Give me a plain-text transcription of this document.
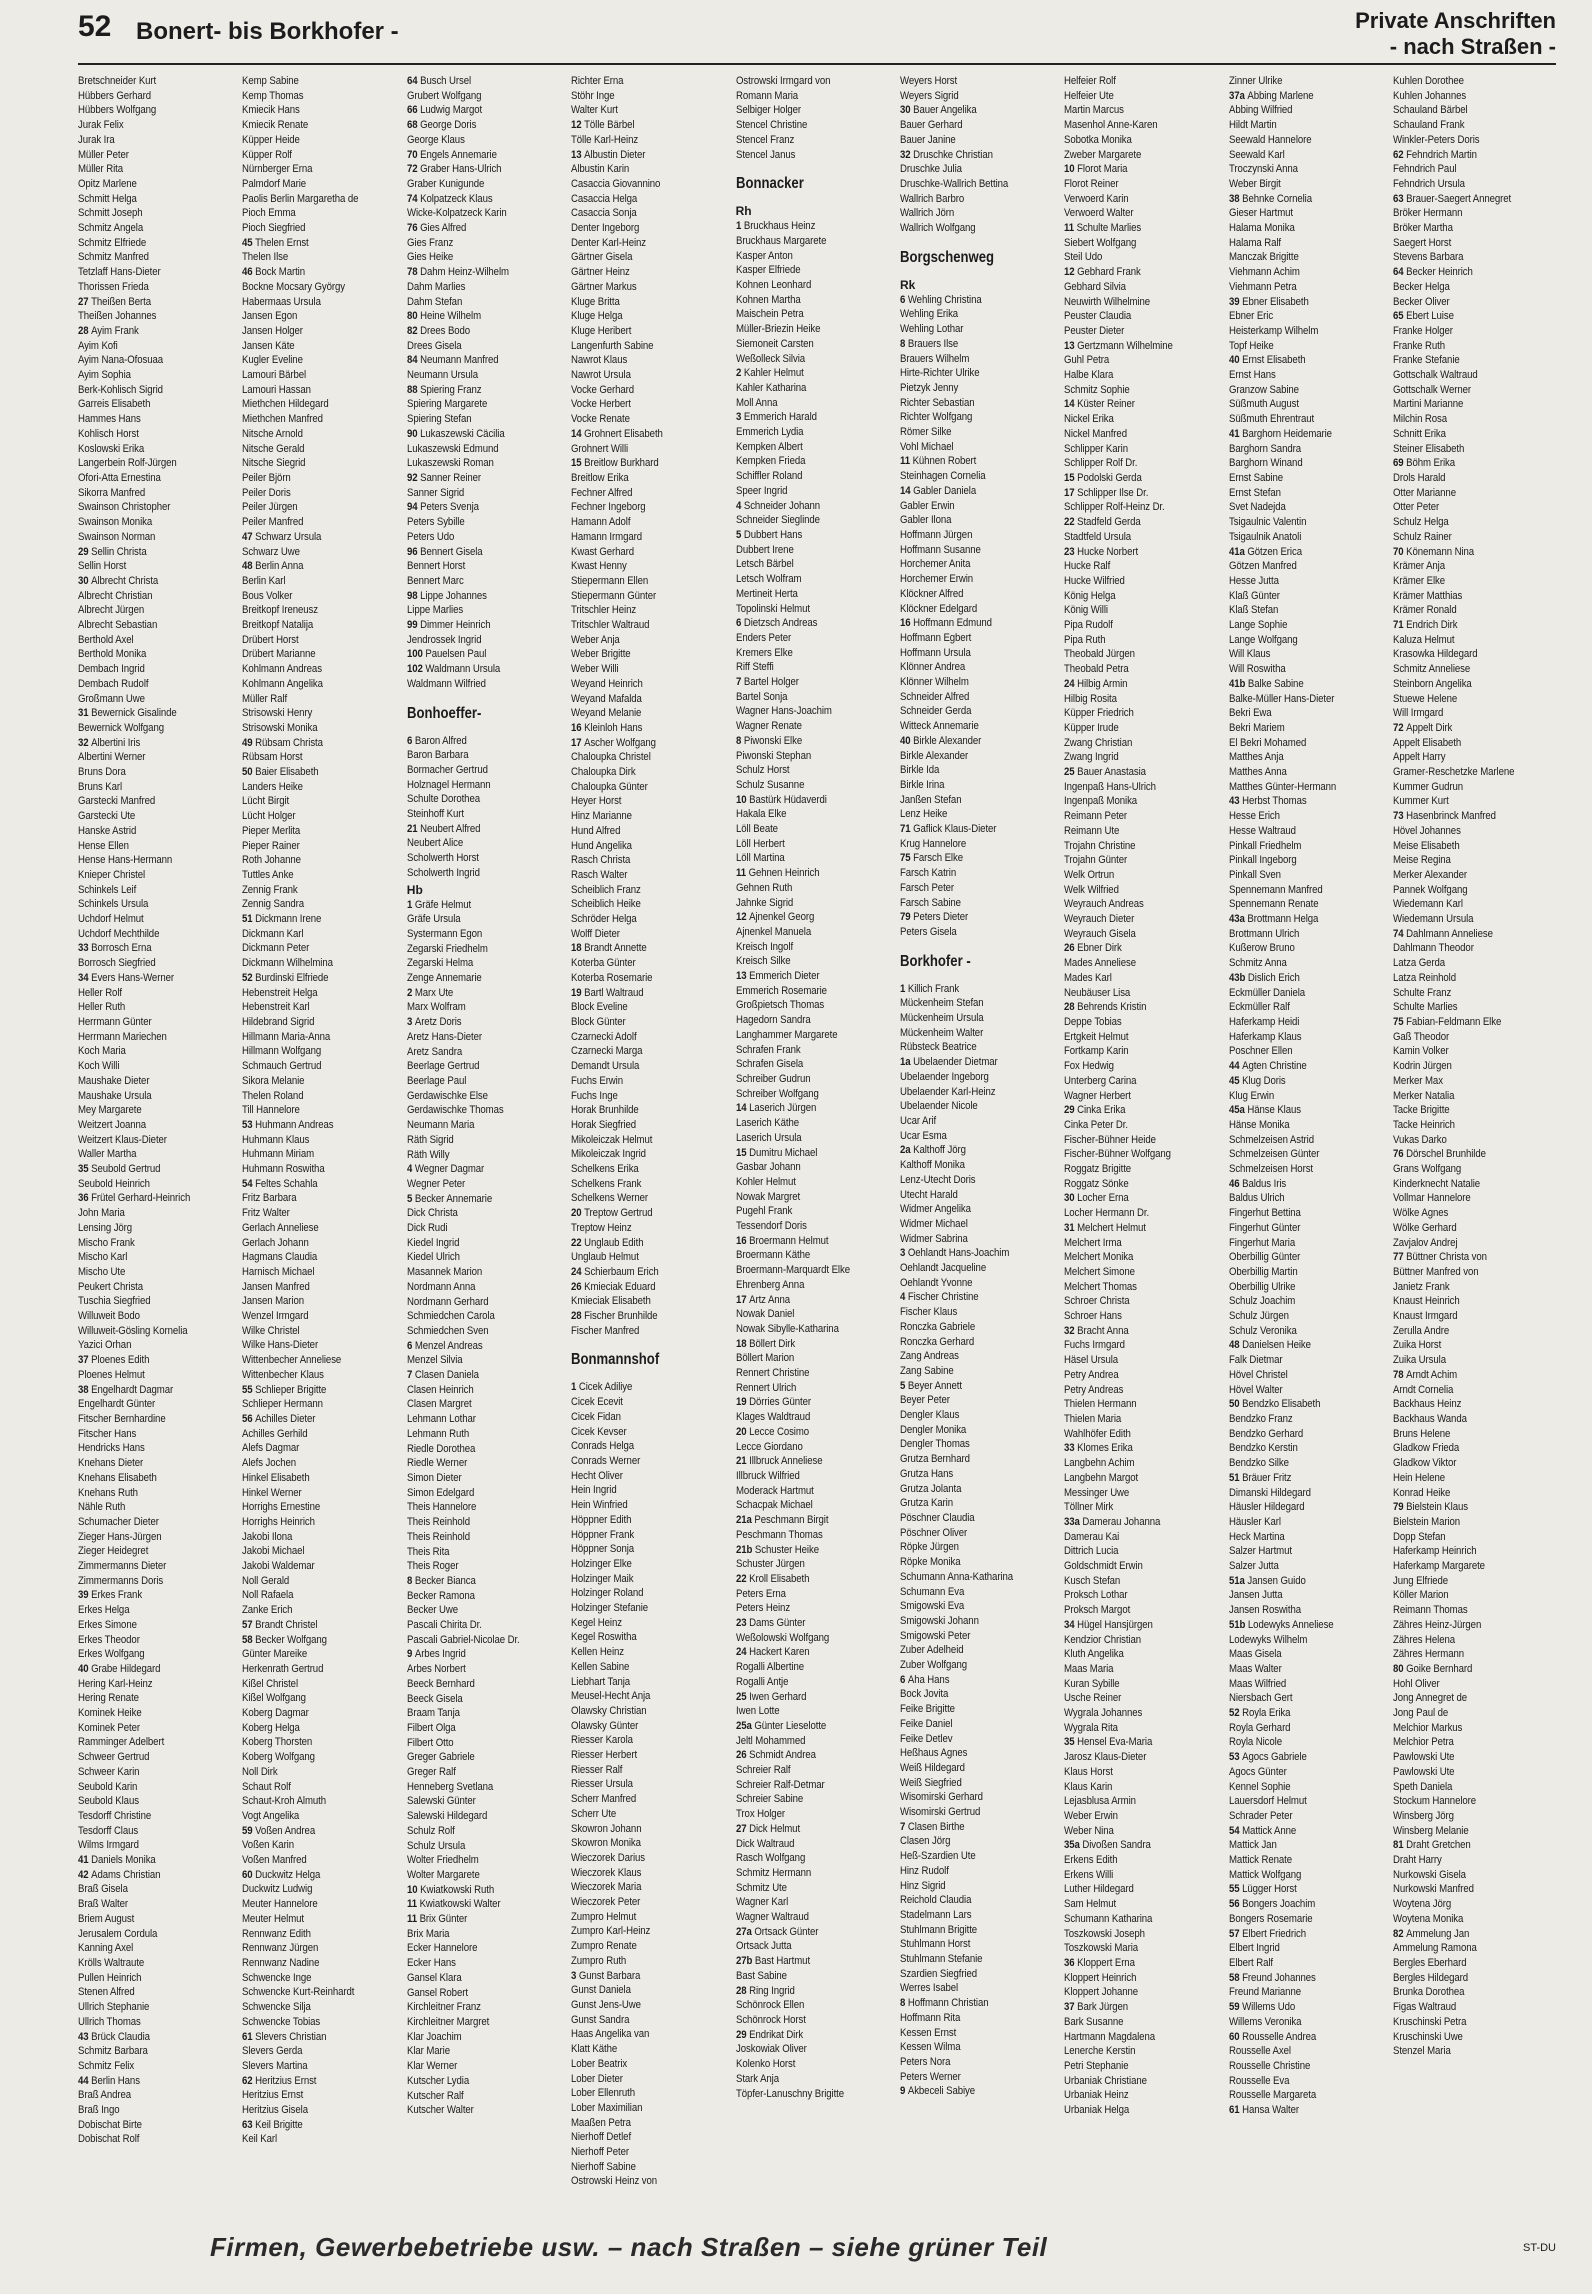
52 Bonert- bis Borkhofer -	Private Anschriften
- nach Straßen -
Bretschneider Kurt
Hübbers Gerhard
Hübbers Wolfgang
Jurak Felix
Jurak Ira
Müller Peter
Müller Rita
Opitz Marlene
Schmitt Helga
Schmitt Joseph
Schmitz Angela
Schmitz Elfriede
Schmitz Manfred
Tetzlaff Hans-Dieter
Thorissen Frieda
27 Theißen Berta
Theißen Johannes
28 Ayim Frank
Ayim Kofi
Ayim Nana-Ofosuaa
Ayim Sophia
Berk-Kohlisch Sigrid
Garreis Elisabeth
Hammes Hans
Kohlisch Horst
Koslowski Erika
Langerbein Rolf-Jürgen
Ofori-Atta Ernestina
Sikorra Manfred
Swainson Christopher
Swainson Monika
Swainson Norman
29 Sellin Christa
Sellin Horst
30 Albrecht Christa
Albrecht Christian
Albrecht Jürgen
Albrecht Sebastian
Berthold Axel
Berthold Monika
Dembach Ingrid
Dembach Rudolf
Großmann Uwe
31 Bewernick Gisalinde
Bewernick Wolfgang
32 Albertini Iris
Albertini Werner
Bruns Dora
Bruns Karl
Garstecki Manfred
Garstecki Ute
Hanske Astrid
Hense Ellen
Hense Hans-Hermann
Knieper Christel
Schinkels Leif
Schinkels Ursula
Uchdorf Helmut
Uchdorf Mechthilde
33 Borrosch Erna
Borrosch Siegfried
34 Evers Hans-Werner
Heller Rolf
Heller Ruth
Herrmann Günter
Herrmann Mariechen
Koch Maria
Koch Willi
Maushake Dieter
Maushake Ursula
Mey Margarete
Weitzert Joanna
Weitzert Klaus-Dieter
Waller Martha
35 Seubold Gertrud
Seubold Heinrich
36 Frütel Gerhard-Heinrich
John Maria
Lensing Jörg
Mischo Frank
Mischo Karl
Mischo Ute
Peukert Christa
Tuschia Siegfried
Willuweit Bodo
Willuweit-Gösling Kornelia
Yazici Orhan
37 Ploenes Edith
Ploenes Helmut
38 Engelhardt Dagmar
Engelhardt Günter
Fitscher Bernhardine
Fitscher Hans
Hendricks Hans
Knehans Dieter
Knehans Elisabeth
Knehans Ruth
Nähle Ruth
Schumacher Dieter
Zieger Hans-Jürgen
Zieger Heidegret
Zimmermanns Dieter
Zimmermanns Doris
39 Erkes Frank
Erkes Helga
Erkes Simone
Erkes Theodor
Erkes Wolfgang
40 Grabe Hildegard
Hering Karl-Heinz
Hering Renate
Kominek Heike
Kominek Peter
Ramminger Adelbert
Schweer Gertrud
Schweer Karin
Seubold Karin
Seubold Klaus
Tesdorff Christine
Tesdorff Claus
Wilms Irmgard
41 Daniels Monika
42 Adams Christian
Braß Gisela
Braß Walter
Briem August
Jerusalem Cordula
Kanning Axel
Krölls Waltraute
Pullen Heinrich
Stenen Alfred
Ullrich Stephanie
Ullrich Thomas
43 Brück Claudia
Schmitz Barbara
Schmitz Felix
44 Berlin Hans
Braß Andrea
Braß Ingo
Dobischat Birte
Dobischat Rolf
Kemp Sabine
Kemp Thomas
Kmiecik Hans
Kmiecik Renate
Küpper Heide
Küpper Rolf
Nürnberger Erna
Palmdorf Marie
Paolis Berlin Margaretha de
Pioch Emma
Pioch Siegfried
45 Thelen Ernst
Thelen Ilse
46 Bock Martin
Bockne Mocsary György
Habermaas Ursula
Jansen Egon
Jansen Holger
Jansen Käte
Kugler Eveline
Lamouri Bärbel
Lamouri Hassan
Miethchen Hildegard
Miethchen Manfred
Nitsche Arnold
Nitsche Gerald
Nitsche Siegrid
Peiler Björn
Peiler Doris
Peiler Jürgen
Peiler Manfred
47 Schwarz Ursula
Schwarz Uwe
48 Berlin Anna
Berlin Karl
Bous Volker
Breitkopf Ireneusz
Breitkopf Natalija
Drübert Horst
Drübert Marianne
Kohlmann Andreas
Kohlmann Angelika
Müller Ralf
Strisowski Henry
Strisowski Monika
49 Rübsam Christa
Rübsam Horst
50 Baier Elisabeth
Landers Heike
Lücht Birgit
Lücht Holger
Pieper Merlita
Pieper Rainer
Roth Johanne
Tuttles Anke
Zennig Frank
Zennig Sandra
51 Dickmann Irene
Dickmann Karl
Dickmann Peter
Dickmann Wilhelmina
52 Burdinski Elfriede
Hebenstreit Helga
Hebenstreit Karl
Hildebrand Sigrid
Hillmann Maria-Anna
Hillmann Wolfgang
Schmauch Gertrud
Sikora Melanie
Thelen Roland
Till Hannelore
53 Huhmann Andreas
Huhmann Klaus
Huhmann Miriam
Huhmann Roswitha
54 Feltes Schahla
Fritz Barbara
Fritz Walter
Gerlach Anneliese
Gerlach Johann
Hagmans Claudia
Harnisch Michael
Jansen Manfred
Jansen Marion
Wenzel Irmgard
Wilke Christel
Wilke Hans-Dieter
Wittenbecher Anneliese
Wittenbecher Klaus
55 Schlieper Brigitte
Schlieper Hermann
56 Achilles Dieter
Achilles Gerhild
Alefs Dagmar
Alefs Jochen
Hinkel Elisabeth
Hinkel Werner
Horrighs Ernestine
Horrighs Heinrich
Jakobi Ilona
Jakobi Michael
Jakobi Waldemar
Noll Gerald
Noll Rafaela
Zanke Erich
57 Brandt Christel
58 Becker Wolfgang
Günter Mareike
Herkenrath Gertrud
Kißel Christel
Kißel Wolfgang
Koberg Dagmar
Koberg Helga
Koberg Thorsten
Koberg Wolfgang
Noll Dirk
Schaut Rolf
Schaut-Kroh Almuth
Vogt Angelika
59 Voßen Andrea
Voßen Karin
Voßen Manfred
60 Duckwitz Helga
Duckwitz Ludwig
Meuter Hannelore
Meuter Helmut
Rennwanz Edith
Rennwanz Jürgen
Rennwanz Nadine
Schwencke Inge
Schwencke Kurt-Reinhardt
Schwencke Silja
Schwencke Tobias
61 Slevers Christian
Slevers Gerda
Slevers Martina
62 Heritzius Ernst
Heritzius Ernst
Heritzius Gisela
63 Keil Brigitte
Keil Karl
64 Busch Ursel
Grubert Wolfgang
66 Ludwig Margot
68 George Doris
George Klaus
70 Engels Annemarie
72 Graber Hans-Ulrich
Graber Kunigunde
74 Kolpatzeck Klaus
Wicke-Kolpatzeck Karin
76 Gies Alfred
Gies Franz
Gies Heike
78 Dahm Heinz-Wilhelm
Dahm Marlies
Dahm Stefan
80 Heine Wilhelm
82 Drees Bodo
Drees Gisela
84 Neumann Manfred
Neumann Ursula
88 Spiering Franz
Spiering Margarete
Spiering Stefan
90 Lukaszewski Cäcilia
Lukaszewski Edmund
Lukaszewski Roman
92 Sanner Reiner
Sanner Sigrid
94 Peters Svenja
Peters Sybille
Peters Udo
96 Bennert Gisela
Bennert Horst
Bennert Marc
98 Lippe Johannes
Lippe Marlies
99 Dimmer Heinrich
Jendrossek Ingrid
100 Pauelsen Paul
102 Waldmann Ursula
Waldmann Wilfried
Bonhoeffer-
6 Baron Alfred
Baron Barbara
Bormacher Gertrud
Holznagel Hermann
Schulte Dorothea
Steinhoff Kurt
21 Neubert Alfred
Neubert Alice
Scholwerth Horst
Scholwerth Ingrid
Hb
1 Gräfe Helmut
Gräfe Ursula
Systermann Egon
Zegarski Friedhelm
Zegarski Helma
Zenge Annemarie
2 Marx Ute
Marx Wolfram
3 Aretz Doris
Aretz Hans-Dieter
Aretz Sandra
Beerlage Gertrud
Beerlage Paul
Gerdawischke Else
Gerdawischke Thomas
Neumann Maria
Räth Sigrid
Räth Willy
4 Wegner Dagmar
Wegner Peter
5 Becker Annemarie
Dick Christa
Dick Rudi
Kiedel Ingrid
Kiedel Ulrich
Masannek Marion
Nordmann Anna
Nordmann Gerhard
Schmiedchen Carola
Schmiedchen Sven
6 Menzel Andreas
Menzel Silvia
7 Clasen Daniela
Clasen Heinrich
Clasen Margret
Lehmann Lothar
Lehmann Ruth
Riedle Dorothea
Riedle Werner
Simon Dieter
Simon Edelgard
Theis Hannelore
Theis Reinhold
Theis Reinhold
Theis Rita
Theis Roger
8 Becker Bianca
Becker Ramona
Becker Uwe
Pascali Chirita Dr.
Pascali Gabriel-Nicolae Dr.
9 Arbes Ingrid
Arbes Norbert
Beeck Bernhard
Beeck Gisela
Braam Tanja
Filbert Olga
Filbert Otto
Greger Gabriele
Greger Ralf
Henneberg Svetlana
Salewski Günter
Salewski Hildegard
Schulz Rolf
Schulz Ursula
Wolter Friedhelm
Wolter Margarete
10 Kwiatkowski Ruth
11 Kwiatkowski Walter
11 Brix Günter
Brix Maria
Ecker Hannelore
Ecker Hans
Gansel Klara
Gansel Robert
Kirchleitner Franz
Kirchleitner Margret
Klar Joachim
Klar Marie
Klar Werner
Kutscher Lydia
Kutscher Ralf
Kutscher Walter
Richter Erna
Stöhr Inge
Walter Kurt
12 Tölle Bärbel
Tölle Karl-Heinz
13 Albustin Dieter
Albustin Karin
Casaccia Giovannino
Casaccia Helga
Casaccia Sonja
Denter Ingeborg
Denter Karl-Heinz
Gärtner Gisela
Gärtner Heinz
Gärtner Markus
Kluge Britta
Kluge Helga
Kluge Heribert
Langenfurth Sabine
Nawrot Klaus
Nawrot Ursula
Vocke Gerhard
Vocke Herbert
Vocke Renate
14 Grohnert Elisabeth
Grohnert Willi
15 Breitlow Burkhard
Breitlow Erika
Fechner Alfred
Fechner Ingeborg
Hamann Adolf
Hamann Irmgard
Kwast Gerhard
Kwast Henny
Stiepermann Ellen
Stiepermann Günter
Tritschler Heinz
Tritschler Waltraud
Weber Anja
Weber Brigitte
Weber Willi
Weyand Heinrich
Weyand Mafalda
Weyand Melanie
16 Kleinloh Hans
17 Ascher Wolfgang
Chaloupka Christel
Chaloupka Dirk
Chaloupka Günter
Heyer Horst
Hinz Marianne
Hund Alfred
Hund Angelika
Rasch Christa
Rasch Walter
Scheiblich Franz
Scheiblich Heike
Schröder Helga
Wolff Dieter
18 Brandt Annette
Koterba Günter
Koterba Rosemarie
19 Bartl Waltraud
Block Eveline
Block Günter
Czarnecki Adolf
Czarnecki Marga
Demandt Ursula
Fuchs Erwin
Fuchs Inge
Horak Brunhilde
Horak Siegfried
Mikoleiczak Helmut
Mikoleiczak Ingrid
Schelkens Erika
Schelkens Frank
Schelkens Werner
20 Treptow Gertrud
Treptow Heinz
22 Unglaub Edith
Unglaub Helmut
24 Schierbaum Erich
26 Kmieciak Eduard
Kmieciak Elisabeth
28 Fischer Brunhilde
Fischer Manfred
Bonmannshof
1 Cicek Adiliye
Cicek Ecevit
Cicek Fidan
Cicek Kevser
Conrads Helga
Conrads Werner
Hecht Oliver
Hein Ingrid
Hein Winfried
Höppner Edith
Höppner Frank
Höppner Sonja
Holzinger Elke
Holzinger Maik
Holzinger Roland
Holzinger Stefanie
Kegel Heinz
Kegel Roswitha
Kellen Heinz
Kellen Sabine
Liebhart Tanja
Meusel-Hecht Anja
Olawsky Christian
Olawsky Günter
Riesser Karola
Riesser Herbert
Riesser Ralf
Riesser Ursula
Scherr Manfred
Scherr Ute
Skowron Johann
Skowron Monika
Wieczorek Darius
Wieczorek Klaus
Wieczorek Maria
Wieczorek Peter
Zumpro Helmut
Zumpro Karl-Heinz
Zumpro Renate
Zumpro Ruth
3 Gunst Barbara
Gunst Daniela
Gunst Jens-Uwe
Gunst Sandra
Haas Angelika van
Klatt Käthe
Lober Beatrix
Lober Dieter
Lober Ellenruth
Lober Maximilian
Maaßen Petra
Nierhoff Detlef
Nierhoff Peter
Nierhoff Sabine
Ostrowski Heinz von
Ostrowski Irmgard von
Romann Maria
Selbiger Holger
Stencel Christine
Stencel Franz
Stencel Janus
Bonnacker
Rh
1 Bruckhaus Heinz
Bruckhaus Margarete
Kasper Anton
Kasper Elfriede
Kohnen Leonhard
Kohnen Martha
Maischein Petra
Müller-Briezin Heike
Siemoneit Carsten
Weßolleck Silvia
2 Kahler Helmut
Kahler Katharina
Moll Anna
3 Emmerich Harald
Emmerich Lydia
Kempken Albert
Kempken Frieda
Schiffler Roland
Speer Ingrid
4 Schneider Johann
Schneider Sieglinde
5 Dubbert Hans
Dubbert Irene
Letsch Bärbel
Letsch Wolfram
Mertineit Herta
Topolinski Helmut
6 Dietzsch Andreas
Enders Peter
Kremers Elke
Riff Steffi
7 Bartel Holger
Bartel Sonja
Wagner Hans-Joachim
Wagner Renate
8 Piwonski Elke
Piwonski Stephan
Schulz Horst
Schulz Susanne
10 Bastürk Hüdaverdi
Hakala Elke
Löll Beate
Löll Herbert
Löll Martina
11 Gehnen Heinrich
Gehnen Ruth
Jahnke Sigrid
12 Ajnenkel Georg
Ajnenkel Manuela
Kreisch Ingolf
Kreisch Silke
13 Emmerich Dieter
Emmerich Rosemarie
Großpietsch Thomas
Hagedorn Sandra
Langhammer Margarete
Schrafen Frank
Schrafen Gisela
Schreiber Gudrun
Schreiber Wolfgang
14 Laserich Jürgen
Laserich Käthe
Laserich Ursula
15 Dumitru Michael
Gasbar Johann
Kohler Helmut
Nowak Margret
Pugehl Frank
Tessendorf Doris
16 Broermann Helmut
Broermann Käthe
Broermann-Marquardt Elke
Ehrenberg Anna
17 Artz Anna
Nowak Daniel
Nowak Sibylle-Katharina
18 Böllert Dirk
Böllert Marion
Rennert Christine
Rennert Ulrich
19 Dörries Günter
Klages Waldtraud
20 Lecce Cosimo
Lecce Giordano
21 Illbruck Anneliese
Illbruck Wilfried
Moderack Hartmut
Schacpak Michael
21a Peschmann Birgit
Peschmann Thomas
21b Schuster Heike
Schuster Jürgen
22 Kroll Elisabeth
Peters Erna
Peters Heinz
23 Dams Günter
Weßolowski Wolfgang
24 Hackert Karen
Rogalli Albertine
Rogalli Antje
25 Iwen Gerhard
Iwen Lotte
25a Günter Lieselotte
Jeltl Mohammed
26 Schmidt Andrea
Schreier Ralf
Schreier Ralf-Detmar
Schreier Sabine
Trox Holger
27 Dick Helmut
Dick Waltraud
Rasch Wolfgang
Schmitz Hermann
Schmitz Ute
Wagner Karl
Wagner Waltraud
27a Ortsack Günter
Ortsack Jutta
27b Bast Hartmut
Bast Sabine
28 Ring Ingrid
Schönrock Ellen
Schönrock Horst
29 Endrikat Dirk
Joskowiak Oliver
Kolenko Horst
Stark Anja
Töpfer-Lanuschny Brigitte
Weyers Horst
Weyers Sigrid
30 Bauer Angelika
Bauer Gerhard
Bauer Janine
32 Druschke Christian
Druschke Julia
Druschke-Wallrich Bettina
Wallrich Barbro
Wallrich Jörn
Wallrich Wolfgang
Borgschenweg
Rk
6 Wehling Christina
Wehling Erika
Wehling Lothar
8 Brauers Ilse
Brauers Wilhelm
Hirte-Richter Ulrike
Pietzyk Jenny
Richter Sebastian
Richter Wolfgang
Römer Silke
Vohl Michael
11 Kühnen Robert
Steinhagen Cornelia
14 Gabler Daniela
Gabler Erwin
Gabler Ilona
Hoffmann Jürgen
Hoffmann Susanne
Horchemer Anita
Horchemer Erwin
Klöckner Alfred
Klöckner Edelgard
16 Hoffmann Edmund
Hoffmann Egbert
Hoffmann Ursula
Klönner Andrea
Klönner Wilhelm
Schneider Alfred
Schneider Gerda
Witteck Annemarie
40 Birkle Alexander
Birkle Alexander
Birkle Ida
Birkle Irina
Janßen Stefan
Lenz Heike
71 Gaflick Klaus-Dieter
Krug Hannelore
75 Farsch Elke
Farsch Katrin
Farsch Peter
Farsch Sabine
79 Peters Dieter
Peters Gisela
Borkhofer -
1 Killich Frank
Mückenheim Stefan
Mückenheim Ursula
Mückenheim Walter
Rübsteck Beatrice
1a Ubelaender Dietmar
Ubelaender Ingeborg
Ubelaender Karl-Heinz
Ubelaender Nicole
Ucar Arif
Ucar Esma
2a Kalthoff Jörg
Kalthoff Monika
Lenz-Utecht Doris
Utecht Harald
Widmer Angelika
Widmer Michael
Widmer Sabrina
3 Oehlandt Hans-Joachim
Oehlandt Jacqueline
Oehlandt Yvonne
4 Fischer Christine
Fischer Klaus
Ronczka Gabriele
Ronczka Gerhard
Zang Andreas
Zang Sabine
5 Beyer Annett
Beyer Peter
Dengler Klaus
Dengler Monika
Dengler Thomas
Grutza Bernhard
Grutza Hans
Grutza Jolanta
Grutza Karin
Pöschner Claudia
Pöschner Oliver
Röpke Jürgen
Röpke Monika
Schumann Anna-Katharina
Schumann Eva
Smigowski Eva
Smigowski Johann
Smigowski Peter
Zuber Adelheid
Zuber Wolfgang
6 Aha Hans
Bock Jovita
Feike Brigitte
Feike Daniel
Feike Detlev
Heßhaus Agnes
Weiß Hildegard
Weiß Siegfried
Wisomirski Gerhard
Wisomirski Gertrud
7 Clasen Birthe
Clasen Jörg
Heß-Szardien Ute
Hinz Rudolf
Hinz Sigrid
Reichold Claudia
Stadelmann Lars
Stuhlmann Brigitte
Stuhlmann Horst
Stuhlmann Stefanie
Szardien Siegfried
Werres Isabel
8 Hoffmann Christian
Hoffmann Rita
Kessen Ernst
Kessen Wilma
Peters Nora
Peters Werner
9 Akbeceli Sabiye
Helfeier Rolf
Helfeier Ute
Martin Marcus
Masenhol Anne-Karen
Sobotka Monika
Zweber Margarete
10 Florot Maria
Florot Reiner
Verwoerd Karin
Verwoerd Walter
11 Schulte Marlies
Siebert Wolfgang
Steil Udo
12 Gebhard Frank
Gebhard Silvia
Neuwirth Wilhelmine
Peuster Claudia
Peuster Dieter
13 Gertzmann Wilhelmine
Guhl Petra
Halbe Klara
Schmitz Sophie
14 Küster Reiner
Nickel Erika
Nickel Manfred
Schlipper Karin
Schlipper Rolf Dr.
15 Podolski Gerda
17 Schlipper Ilse Dr.
Schlipper Rolf-Heinz Dr.
22 Stadfeld Gerda
Stadtfeld Ursula
23 Hucke Norbert
Hucke Ralf
Hucke Wilfried
König Helga
König Willi
Pipa Rudolf
Pipa Ruth
Theobald Jürgen
Theobald Petra
24 Hilbig Armin
Hilbig Rosita
Küpper Friedrich
Küpper Irude
Zwang Christian
Zwang Ingrid
25 Bauer Anastasia
Ingenpaß Hans-Ulrich
Ingenpaß Monika
Reimann Peter
Reimann Ute
Trojahn Christine
Trojahn Günter
Welk Ortrun
Welk Wilfried
Weyrauch Andreas
Weyrauch Dieter
Weyrauch Gisela
26 Ebner Dirk
Mades Anneliese
Mades Karl
Neubäuser Lisa
28 Behrends Kristin
Deppe Tobias
Ertgkeit Helmut
Fortkamp Karin
Fox Hedwig
Unterberg Carina
Wagner Herbert
29 Cinka Erika
Cinka Peter Dr.
Fischer-Bühner Heide
Fischer-Bühner Wolfgang
Roggatz Brigitte
Roggatz Sönke
30 Locher Erna
Locher Hermann Dr.
31 Melchert Helmut
Melchert Irma
Melchert Monika
Melchert Simone
Melchert Thomas
Schroer Christa
Schroer Hans
32 Bracht Anna
Fuchs Irmgard
Häsel Ursula
Petry Andrea
Petry Andreas
Thielen Hermann
Thielen Maria
Wahlhöfer Edith
33 Klomes Erika
Langbehn Achim
Langbehn Margot
Messinger Uwe
Töllner Mirk
33a Damerau Johanna
Damerau Kai
Dittrich Lucia
Goldschmidt Erwin
Kusch Stefan
Proksch Lothar
Proksch Margot
34 Hügel Hansjürgen
Kendzior Christian
Kluth Angelika
Maas Maria
Kuran Sybille
Usche Reiner
Wygrala Johannes
Wygrala Rita
35 Hensel Eva-Maria
Jarosz Klaus-Dieter
Klaus Horst
Klaus Karin
Lejasblusa Armin
Weber Erwin
Weber Nina
35a Divoßen Sandra
Erkens Edith
Erkens Willi
Luther Hildegard
Sam Helmut
Schumann Katharina
Toszkowski Joseph
Toszkowski Maria
36 Kloppert Erna
Kloppert Heinrich
Kloppert Johanne
37 Bark Jürgen
Bark Susanne
Hartmann Magdalena
Lenerche Kerstin
Petri Stephanie
Urbaniak Christiane
Urbaniak Heinz
Urbaniak Helga
Zinner Ulrike
37a Abbing Marlene
Abbing Wilfried
Hildt Martin
Seewald Hannelore
Seewald Karl
Troczynski Anna
Weber Birgit
38 Behnke Cornelia
Gieser Hartmut
Halama Monika
Halama Ralf
Manczak Brigitte
Viehmann Achim
Viehmann Petra
39 Ebner Elisabeth
Ebner Eric
Heisterkamp Wilhelm
Topf Heike
40 Ernst Elisabeth
Ernst Hans
Granzow Sabine
Süßmuth August
Süßmuth Ehrentraut
41 Barghorn Heidemarie
Barghorn Sandra
Barghorn Winand
Ernst Sabine
Ernst Stefan
Svet Nadejda
Tsigaulnic Valentin
Tsigaulnik Anatoli
41a Götzen Erica
Götzen Manfred
Hesse Jutta
Klaß Günter
Klaß Stefan
Lange Sophie
Lange Wolfgang
Will Klaus
Will Roswitha
41b Balke Sabine
Balke-Müller Hans-Dieter
Bekri Ewa
Bekri Mariem
El Bekri Mohamed
Matthes Anja
Matthes Anna
Matthes Günter-Hermann
43 Herbst Thomas
Hesse Erich
Hesse Waltraud
Pinkall Friedhelm
Pinkall Ingeborg
Pinkall Sven
Spennemann Manfred
Spennemann Renate
43a Brottmann Helga
Brottmann Ulrich
Kußerow Bruno
Schmitz Anna
43b Dislich Erich
Eckmüller Daniela
Eckmüller Ralf
Haferkamp Heidi
Haferkamp Klaus
Poschner Ellen
44 Agten Christine
45 Klug Doris
Klug Erwin
45a Hänse Klaus
Hänse Monika
Schmelzeisen Astrid
Schmelzeisen Günter
Schmelzeisen Horst
46 Baldus Iris
Baldus Ulrich
Fingerhut Bettina
Fingerhut Günter
Fingerhut Maria
Oberbillig Günter
Oberbillig Martin
Oberbillig Ulrike
Schulz Joachim
Schulz Jürgen
Schulz Veronika
48 Danielsen Heike
Falk Dietmar
Hövel Christel
Hövel Walter
50 Bendzko Elisabeth
Bendzko Franz
Bendzko Gerhard
Bendzko Kerstin
Bendzko Silke
51 Bräuer Fritz
Dimanski Hildegard
Häusler Hildegard
Häusler Karl
Heck Martina
Salzer Hartmut
Salzer Jutta
51a Jansen Guido
Jansen Jutta
Jansen Roswitha
51b Lodewyks Anneliese
Lodewyks Wilhelm
Maas Gisela
Maas Walter
Maas Wilfried
Niersbach Gert
52 Royla Erika
Royla Gerhard
Royla Nicole
53 Agocs Gabriele
Agocs Günter
Kennel Sophie
Lauersdorf Helmut
Schrader Peter
54 Mattick Anne
Mattick Jan
Mattick Renate
Mattick Wolfgang
55 Lügger Horst
56 Bongers Joachim
Bongers Rosemarie
57 Elbert Friedrich
Elbert Ingrid
Elbert Ralf
58 Freund Johannes
Freund Marianne
59 Willems Udo
Willems Veronika
60 Rousselle Andrea
Rousselle Axel
Rousselle Christine
Rousselle Eva
Rousselle Margareta
61 Hansa Walter
Kuhlen Dorothee
Kuhlen Johannes
Schauland Bärbel
Schauland Frank
Winkler-Peters Doris
62 Fehndrich Martin
Fehndrich Paul
Fehndrich Ursula
63 Brauer-Saegert Annegret
Bröker Hermann
Bröker Martha
Saegert Horst
Stevens Barbara
64 Becker Heinrich
Becker Helga
Becker Oliver
65 Ebert Luise
Franke Holger
Franke Ruth
Franke Stefanie
Gottschalk Waltraud
Gottschalk Werner
Martini Marianne
Milchin Rosa
Schnitt Erika
Steiner Elisabeth
69 Böhm Erika
Drols Harald
Otter Marianne
Otter Peter
Schulz Helga
Schulz Rainer
70 Könemann Nina
Krämer Anja
Krämer Elke
Krämer Matthias
Krämer Ronald
71 Endrich Dirk
Kaluza Helmut
Krasowka Hildegard
Schmitz Anneliese
Steinborn Angelika
Stuewe Helene
Will Irmgard
72 Appelt Dirk
Appelt Elisabeth
Appelt Harry
Gramer-Reschetzke Marlene
Kummer Gudrun
Kummer Kurt
73 Hasenbrinck Manfred
Hövel Johannes
Meise Elisabeth
Meise Regina
Merker Alexander
Pannek Wolfgang
Wiedemann Karl
Wiedemann Ursula
74 Dahlmann Anneliese
Dahlmann Theodor
Latza Gerda
Latza Reinhold
Schulte Franz
Schulte Marlies
75 Fabian-Feldmann Elke
Gaß Theodor
Kamin Volker
Kodrin Jürgen
Merker Max
Merker Natalia
Tacke Brigitte
Tacke Heinrich
Vukas Darko
76 Dörschel Brunhilde
Grans Wolfgang
Kinderknecht Natalie
Vollmar Hannelore
Wölke Agnes
Wölke Gerhard
Zavjalov Andrej
77 Büttner Christa von
Büttner Manfred von
Janietz Frank
Knaust Heinrich
Knaust Irmgard
Zerulla Andre
Zuika Horst
Zuika Ursula
78 Arndt Achim
Arndt Cornelia
Backhaus Heinz
Backhaus Wanda
Bruns Helene
Gladkow Frieda
Gladkow Viktor
Hein Helene
Konrad Heike
79 Bielstein Klaus
Bielstein Marion
Dopp Stefan
Haferkamp Heinrich
Haferkamp Margarete
Jung Elfriede
Köller Marion
Reimann Thomas
Zähres Heinz-Jürgen
Zähres Helena
Zähres Hermann
80 Goike Bernhard
Hohl Oliver
Jong Annegret de
Jong Paul de
Melchior Markus
Melchior Petra
Pawlowski Ute
Pawlowski Ute
Speth Daniela
Stockum Hannelore
Winsberg Jörg
Winsberg Melanie
81 Draht Gretchen
Draht Harry
Nurkowski Gisela
Nurkowski Manfred
Woytena Jörg
Woytena Monika
82 Ammelung Jan
Ammelung Ramona
Bergles Eberhard
Bergles Hildegard
Brunka Dorothea
Figas Waltraud
Kruschinski Petra
Kruschinski Uwe
Stenzel Maria
Firmen, Gewerbebetriebe usw. – nach Straßen – siehe grüner Teil	ST-DU
